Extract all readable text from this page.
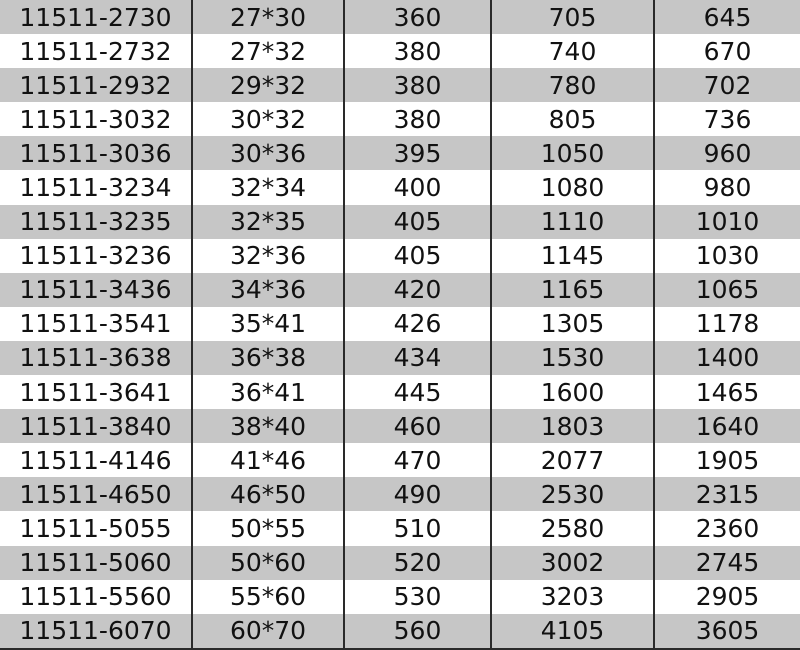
11511-2730	27*30	360	705	645
11511-2732	27*32	380	740	670
11511-2932	29*32	380	780	702
11511-3032	30*32	380	805	736
11511-3036	30*36	395	1050	960
11511-3234	32*34	400	1080	980
11511-3235	32*35	405	1110	1010
11511-3236	32*36	405	1145	1030
11511-3436	34*36	420	1165	1065
11511-3541	35*41	426	1305	1178
11511-3638	36*38	434	1530	1400
11511-3641	36*41	445	1600	1465
11511-3840	38*40	460	1803	1640
11511-4146	41*46	470	2077	1905
11511-4650	46*50	490	2530	2315
11511-5055	50*55	510	2580	2360
11511-5060	50*60	520	3002	2745
11511-5560	55*60	530	3203	2905
11511-6070	60*70	560	4105	3605
